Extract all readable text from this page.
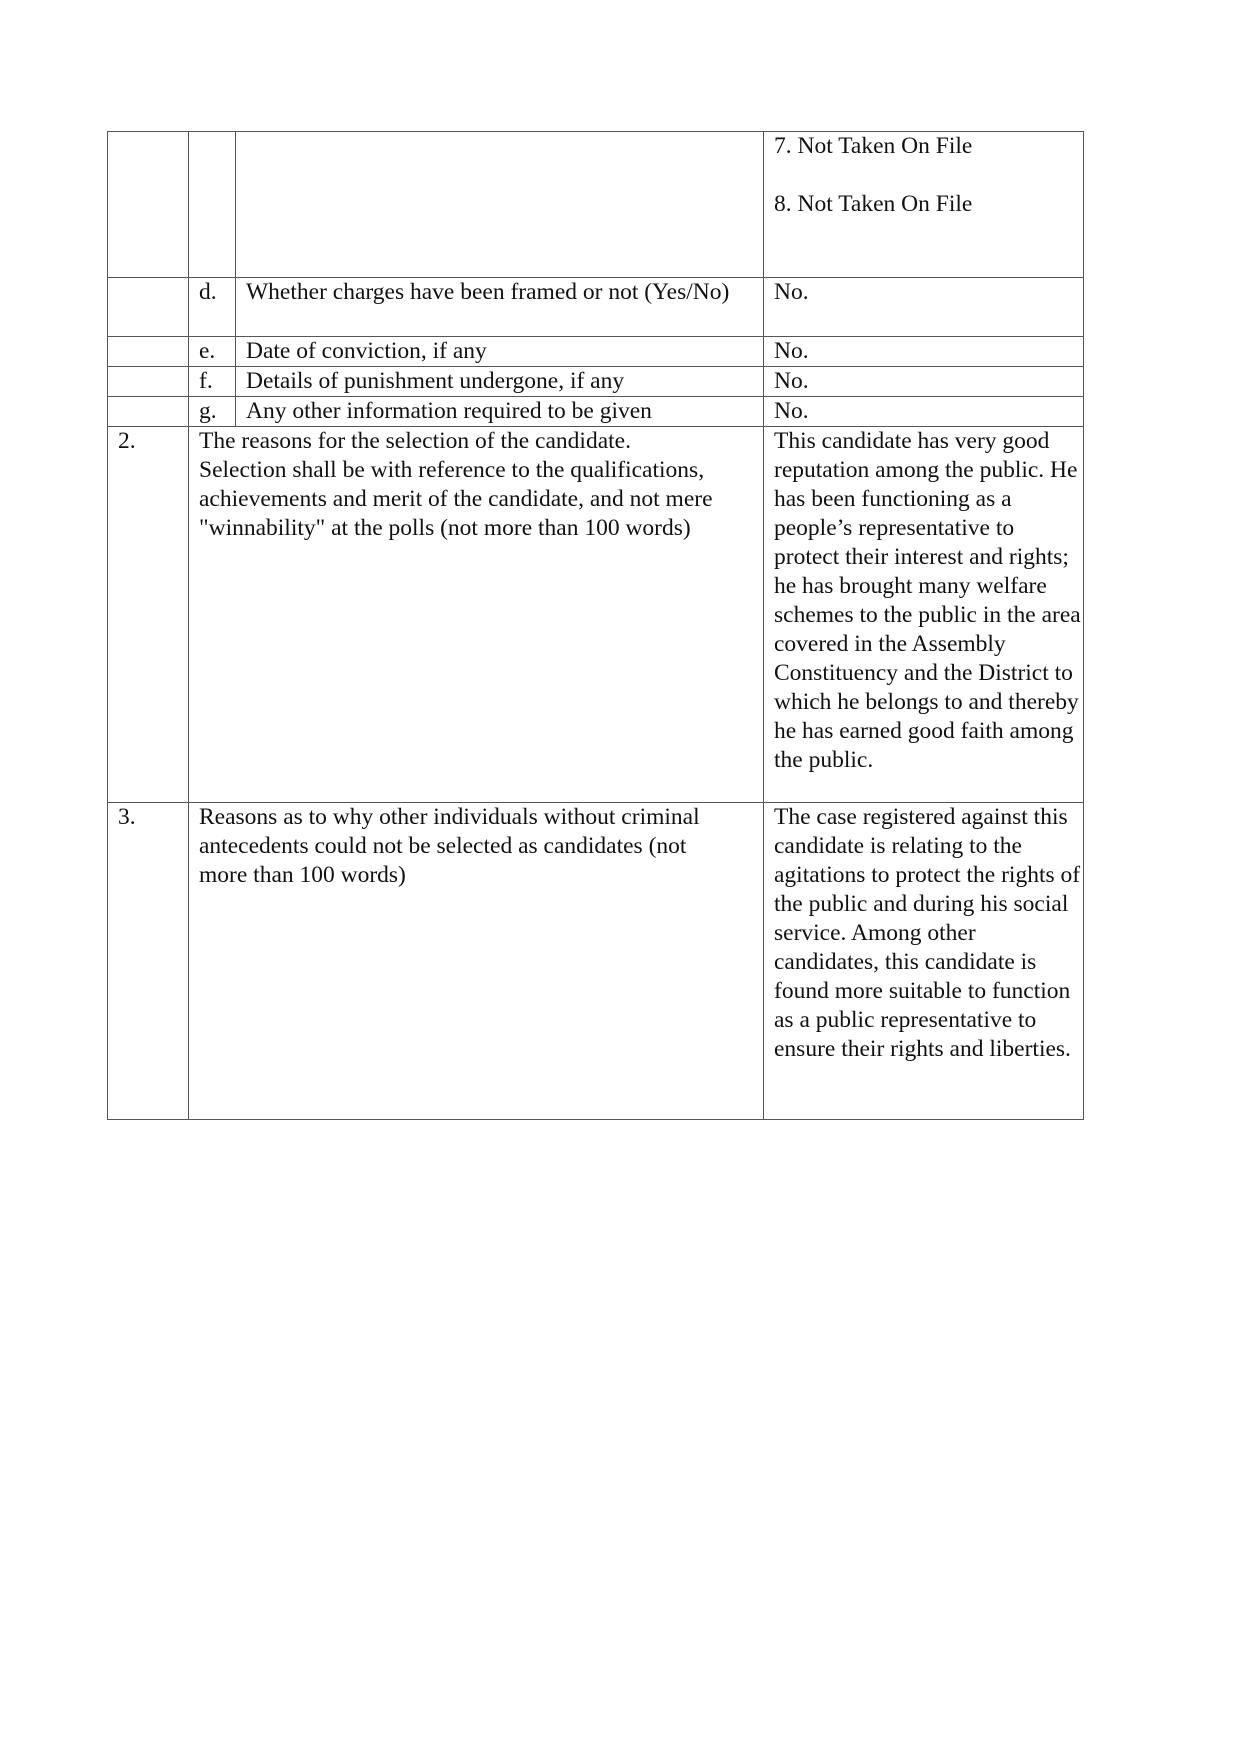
			7. Not Taken On File
8. Not Taken On File

	d.	Whether charges have been framed or not (Yes/No)	No.
	e.	Date of conviction, if any	No.
	f.	Details of punishment undergone, if any	No.
	g.	Any other information required to be given	No.
2.	The reasons for the selection of the candidate.
Selection shall be with reference to the qualifications,
achievements and merit of the candidate, and not mere
"winnability" at the polls (not more than 100 words)
	This candidate has very good reputation among the public. He has been functioning as a people’s representative to protect their interest and rights; he has brought many welfare schemes to the public in the area covered in the Assembly Constituency and the District to which he belongs to and thereby he has earned good faith among the public.
3.	Reasons as to why other individuals without criminal
antecedents could not be selected as candidates (not
more than 100 words)
	The case registered against this candidate is relating to the agitations to protect the rights of the public and during his social service. Among other candidates, this candidate is found more suitable to function as a public representative to ensure their rights and liberties.
